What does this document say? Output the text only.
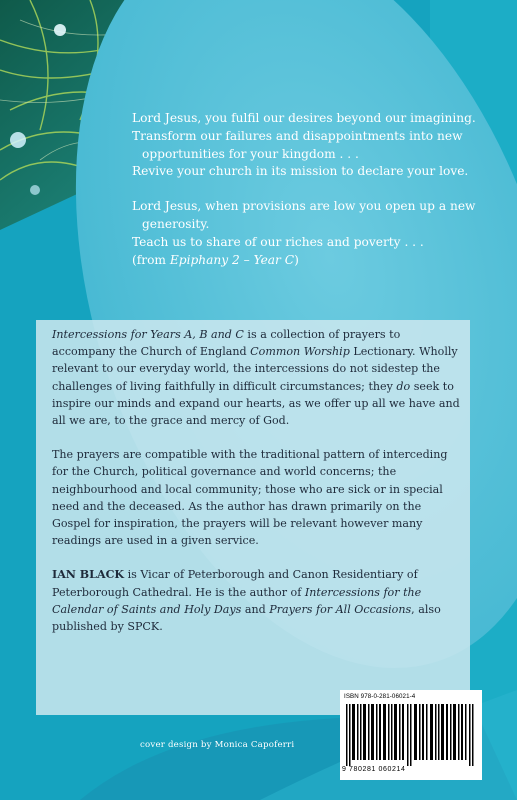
Lord Jesus, you fulfil our desires beyond our imagining.
Transform our failures and disappointments into new opportunities for your kingdom . . .
Revive your church in its mission to declare your love.

Lord Jesus, when provisions are low you open up a new generosity.
Teach us to share of our riches and poverty . . .
(from Epiphany 2 – Year C)

Intercessions for Years A, B and C is a collection of prayers to accompany the Church of England Common Worship Lectionary. Wholly relevant to our everyday world, the intercessions do not sidestep the challenges of living faithfully in difficult circumstances; they do seek to inspire our minds and expand our hearts, as we offer up all we have and all we are, to the grace and mercy of God.

The prayers are compatible with the traditional pattern of interceding for the Church, political governance and world concerns; the neighbourhood and local community; those who are sick or in special need and the deceased. As the author has drawn primarily on the Gospel for inspiration, the prayers will be relevant however many readings are used in a given service.

IAN BLACK is Vicar of Peterborough and Canon Residentiary of Peterborough Cathedral. He is the author of Intercessions for the Calendar of Saints and Holy Days and Prayers for All Occasions, also published by SPCK.

ISBN 978-0-281-06021-4
9 780281 060214
cover design by Monica Capoferri
